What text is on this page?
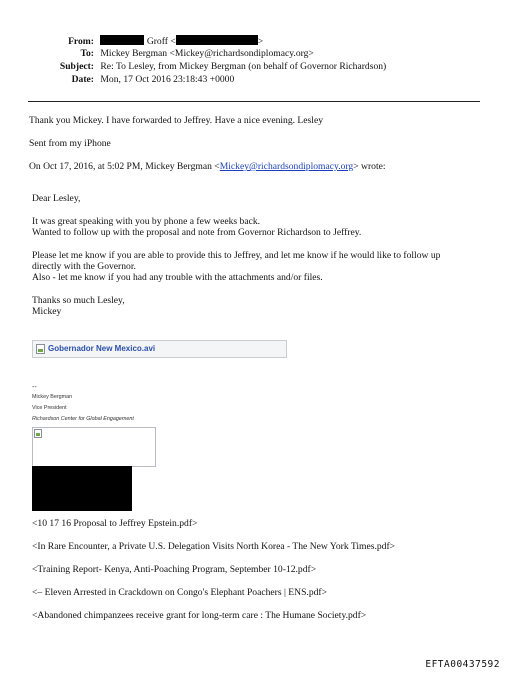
From:	Groff <	>
To: Mickey Bergman <Mickey@richardsondiplomacy.org>
Subject: Re: To Lesley, from Mickey Bergman (on behalf of Governor Richardson)
Date: Mon, 17 Oct 2016 23:18:43 +0000
Thank you Mickey. I have forwarded to Jeffrey. Have a nice evening. Lesley
Sent from my iPhone
On Oct 17, 2016, at 5:02 PM, Mickey Bergman <Mickey@richardsondiplomacy.org> wrote:
Dear Lesley,
It was great speaking with you by phone a few weeks back.
Wanted to follow up with the proposal and note from Governor Richardson to Jeffrey.
Please let me know if you are able to provide this to Jeffrey, and let me know if he would like to follow up
directly with the Governor.
Also - let me know if you had any trouble with the attachments and/or files.
Thanks so much Lesley,
Mickey
Gobernador New Mexico.avi
--
Mickey Bergman
Vice President
Richardson Center for Global Engagement
<10 17 16 Proposal to Jeffrey Epstein.pdf>
<In Rare Encounter, a Private U.S. Delegation Visits North Korea - The New York Times.pdf>
<Training Report- Kenya, Anti-Poaching Program, September 10-12.pdf>
<– Eleven Arrested in Crackdown on Congo's Elephant Poachers | ENS.pdf>
<Abandoned chimpanzees receive grant for long-term care : The Humane Society.pdf>
EFTA00437592
